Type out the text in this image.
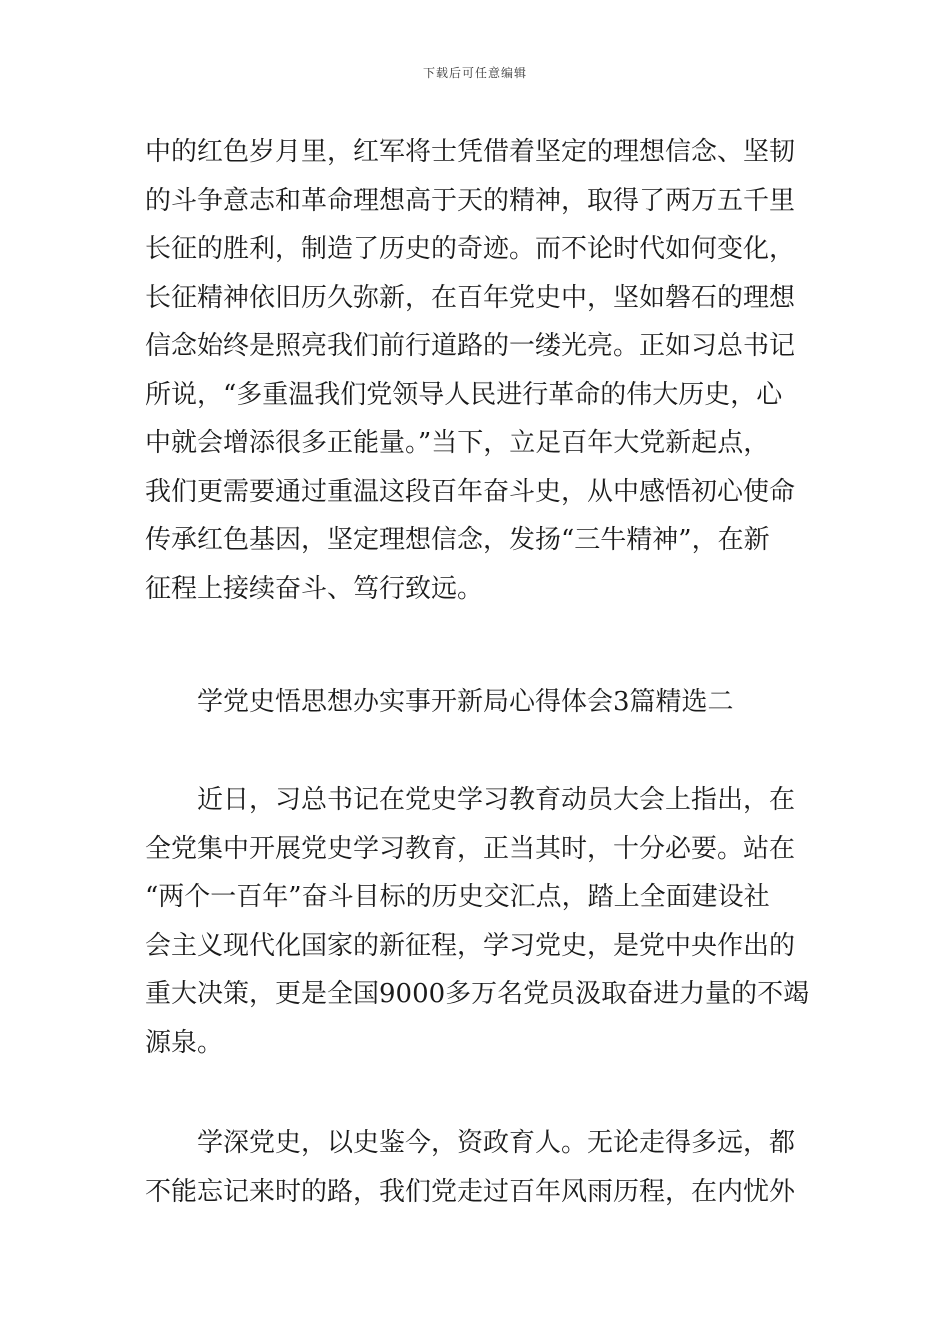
下载后可任意编辑
中的红色岁月里，红军将士凭借着坚定的理想信念、坚韧
的斗争意志和革命理想高于天的精神，取得了两万五千里
长征的胜利，制造了历史的奇迹。而不论时代如何变化，
长征精神依旧历久弥新，在百年党史中，坚如磐石的理想
信念始终是照亮我们前行道路的一缕光亮。正如习总书记
所说，“多重温我们党领导人民进行革命的伟大历史，心
中就会增添很多正能量。”当下，立足百年大党新起点，
我们更需要通过重温这段百年奋斗史，从中感悟初心使命
传承红色基因，坚定理想信念，发扬“三牛精神”，在新
征程上接续奋斗、笃行致远。
学党史悟思想办实事开新局心得体会3篇精选二
近日，习总书记在党史学习教育动员大会上指出，在
全党集中开展党史学习教育，正当其时，十分必要。站在
“两个一百年”奋斗目标的历史交汇点，踏上全面建设社
会主义现代化国家的新征程，学习党史，是党中央作出的
重大决策，更是全国9000多万名党员汲取奋进力量的不竭
源泉。
学深党史，以史鉴今，资政育人。无论走得多远，都
不能忘记来时的路，我们党走过百年风雨历程，在内忧外
